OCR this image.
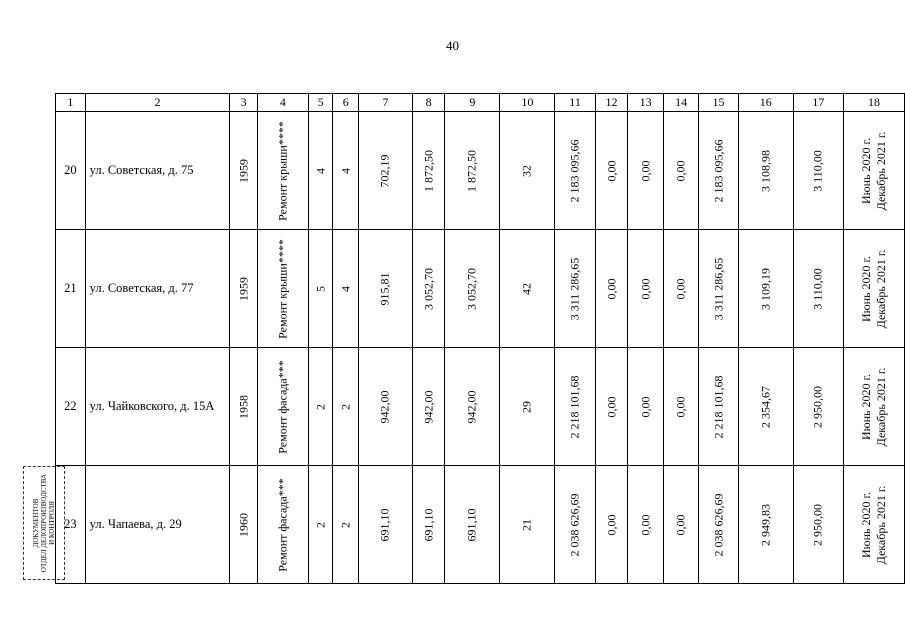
40
1	2	3	4	5	6	7	8	9	10	11	12	13	14	15	16	17	18

20	ул. Советская, д. 75	1959	Ремонт крыши****	4	4	702,19	1 872,50	1 872,50	32	2 183 095,66	0,00	0,00	0,00	2 183 095,66	3 108,98	3 110,00	Июнь 2020 г. Декабрь 2021 г.

21	ул. Советская, д. 77	1959	Ремонт крыши****	5	4	915,81	3 052,70	3 052,70	42	3 311 286,65	0,00	0,00	0,00	3 311 286,65	3 109,19	3 110,00	Июнь 2020 г. Декабрь 2021 г.

22	ул. Чайковского, д. 15А	1958	Ремонт фасада***	2	2	942,00	942,00	942,00	29	2 218 101,68	0,00	0,00	0,00	2 218 101,68	2 354,67	2 950,00	Июнь 2020 г. Декабрь 2021 г.

23	ул. Чапаева, д. 29	1960	Ремонт фасада***	2	2	691,10	691,10	691,10	21	2 038 626,69	0,00	0,00	0,00	2 038 626,69	2 949,83	2 950,00	Июнь 2020 г. Декабрь 2021 г.
ДОКУМЕНТОВ ОТДЕЛ ДЕЛОПРОИЗВОДСТВА И КОНТРОЛЯ
